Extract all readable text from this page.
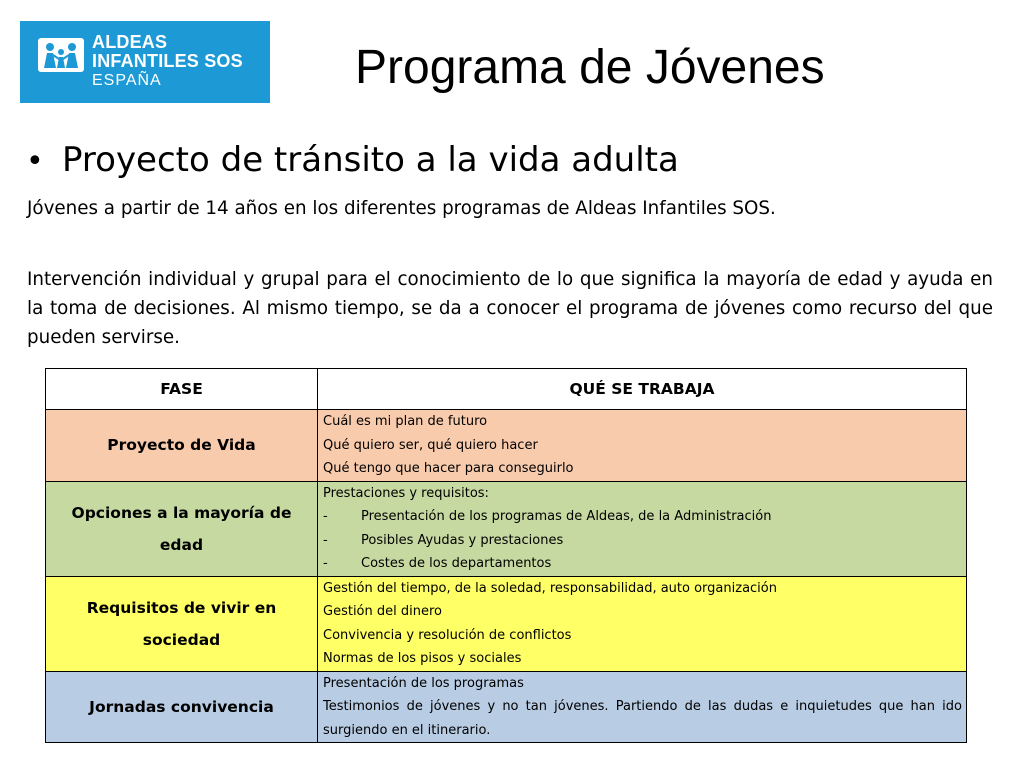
ALDEAS
INFANTILES SOS
ESPAÑA	Programa de Jóvenes
• Proyecto de tránsito a la vida adulta
Jóvenes a partir de 14 años en los diferentes programas de Aldeas Infantiles SOS.
Intervención individual y grupal para el conocimiento de lo que significa la mayoría de edad y ayuda en la toma de decisiones. Al mismo tiempo, se da a conocer el programa de jóvenes como recurso del que pueden servirse.
FASE	QUÉ SE TRABAJA
Proyecto de Vida	Cuál es mi plan de futuro
Qué quiero ser, qué quiero hacer
Qué tengo que hacer para conseguirlo

Opciones a la mayoría de edad	Prestaciones y requisitos:
- Presentación de los programas de Aldeas, de la Administración
- Posibles Ayudas y prestaciones
- Costes de los departamentos

Requisitos de vivir en sociedad	Gestión del tiempo, de la soledad, responsabilidad, auto organización
Gestión del dinero
Convivencia y resolución de conflictos
Normas de los pisos y sociales

Jornadas convivencia	Presentación de los programas
Testimonios de jóvenes y no tan jóvenes. Partiendo de las dudas e inquietudes que han ido surgiendo en el itinerario.
